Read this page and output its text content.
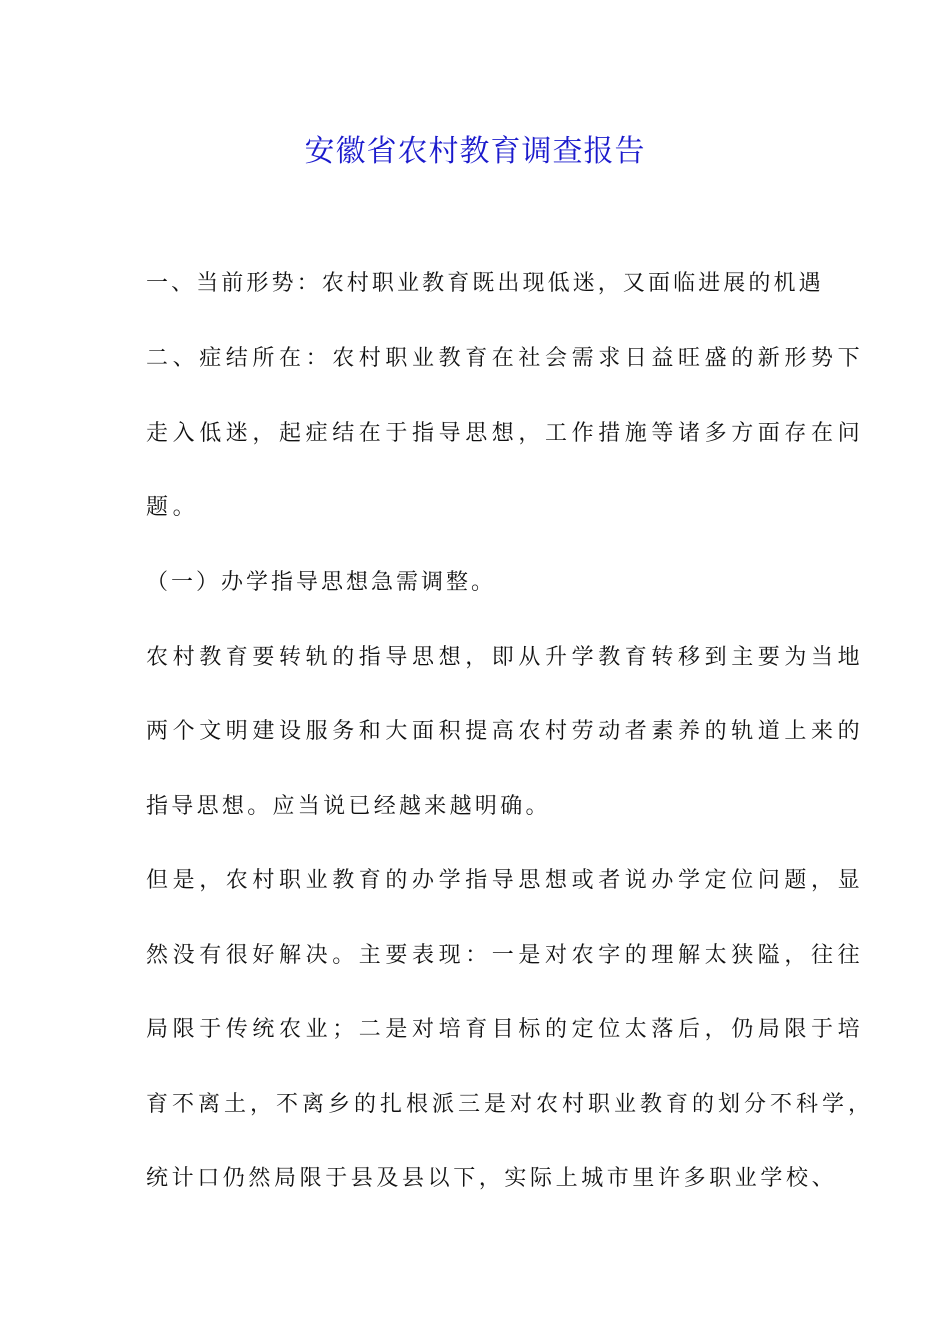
安徽省农村教育调查报告
一、当前形势：农村职业教育既出现低迷，又面临进展的机遇
二、症结所在：农村职业教育在社会需求日益旺盛的新形势下
走入低迷，起症结在于指导思想，工作措施等诸多方面存在问
题。
（一）办学指导思想急需调整。
农村教育要转轨的指导思想，即从升学教育转移到主要为当地
两个文明建设服务和大面积提高农村劳动者素养的轨道上来的
指导思想。应当说已经越来越明确。
但是，农村职业教育的办学指导思想或者说办学定位问题，显
然没有很好解决。主要表现：一是对农字的理解太狭隘，往往
局限于传统农业；二是对培育目标的定位太落后，仍局限于培
育不离土，不离乡的扎根派三是对农村职业教育的划分不科学，
统计口仍然局限于县及县以下，实际上城市里许多职业学校、
